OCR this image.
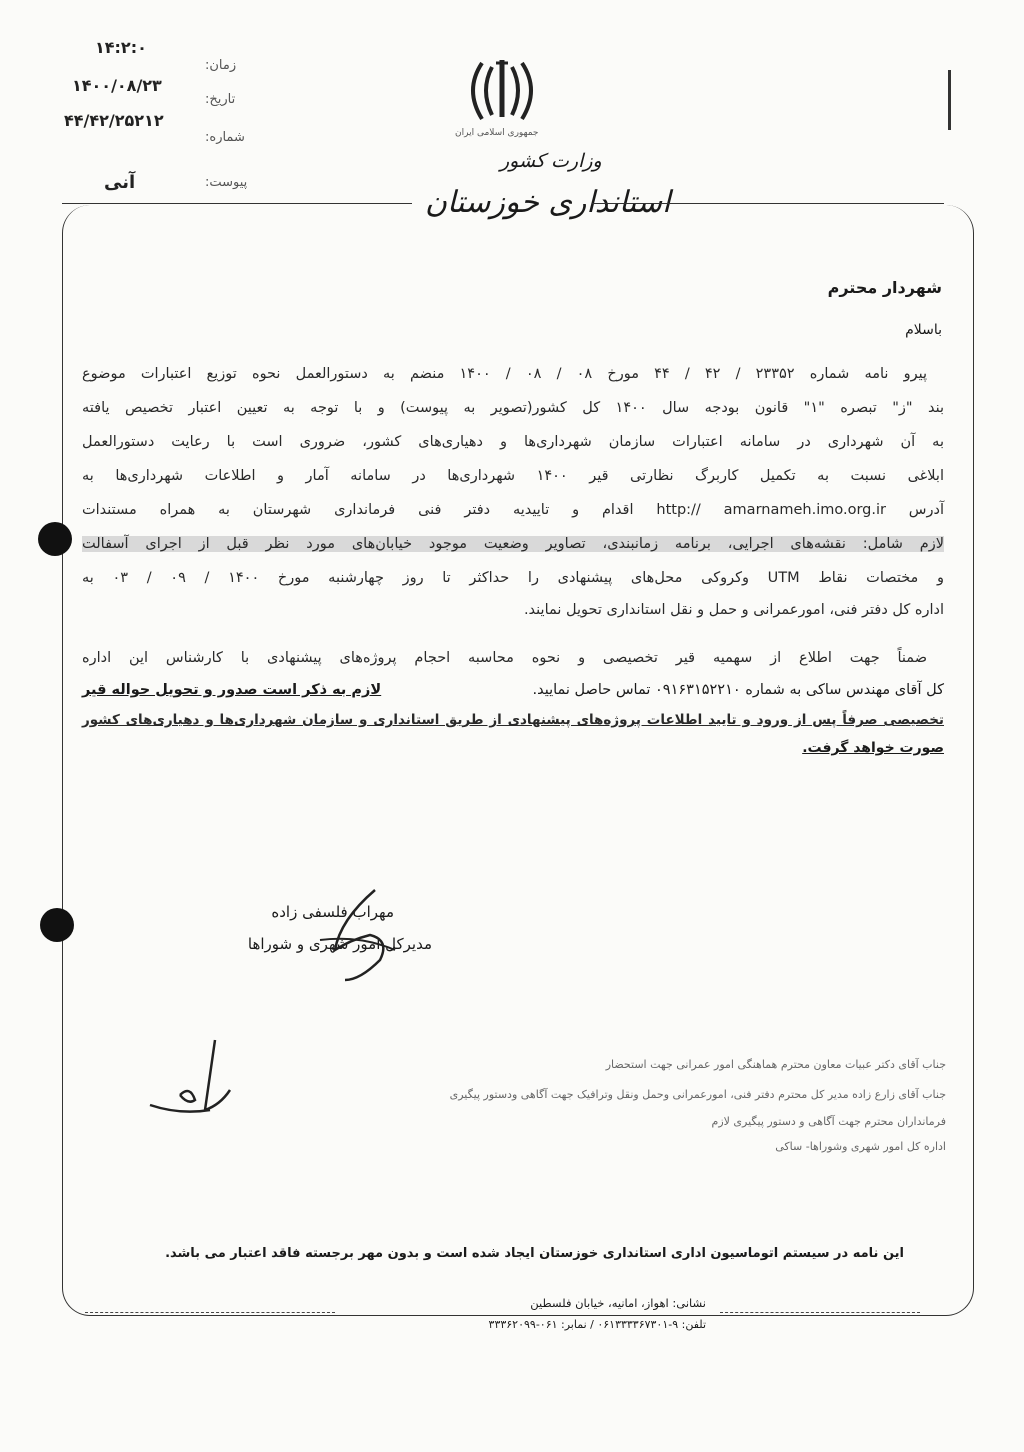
۱۴:۲:۰
زمان:
۱۴۰۰/۰۸/۲۳
تاریخ:
۴۴/۴۲/۲۵۲۱۲
شماره:
پیوست:
آنی
جمهوری اسلامی ایران
وزارت کشور
استانداری خوزستان
شهردار محترم
باسلام
پیرو نامه شماره ۲۳۳۵۲ / ۴۲ / ۴۴ مورخ ۰۸ / ۰۸ / ۱۴۰۰ منضم به دستورالعمل نحوه توزیع اعتبارات موضوع
بند "ز" تبصره "۱" قانون بودجه سال ۱۴۰۰ کل کشور(تصویر به پیوست) و با توجه به تعیین اعتبار تخصیص یافته
به آن شهرداری در سامانه اعتبارات سازمان شهرداری‌ها و دهیاری‌های کشور، ضروری است با رعایت دستورالعمل
ابلاغی نسبت به تکمیل کاربرگ نظارتی قیر ۱۴۰۰ شهرداری‌ها در سامانه آمار و اطلاعات شهرداری‌ها به
آدرس http:// amarnameh.imo.org.ir اقدام و تاییدیه دفتر فنی فرمانداری شهرستان به همراه مستندات
لازم شامل: نقشه‌های اجرایی، برنامه زمانبندی، تصاویر وضعیت موجود خیابان‌های مورد نظر قبل از اجرای آسفالت
و مختصات نقاط UTM وکروکی محل‌های پیشنهادی را حداکثر تا روز چهارشنبه مورخ ۱۴۰۰ / ۰۹ / ۰۳ به
اداره کل دفتر فنی، امورعمرانی و حمل و نقل استانداری تحویل نمایند.
ضمناً جهت اطلاع از سهمیه قیر تخصیصی و نحوه محاسبه احجام پروژه‌های پیشنهادی با کارشناس این اداره
کل آقای مهندس ساکی به شماره ۰۹۱۶۳۱۵۲۲۱۰ تماس حاصل نمایید.
لازم به ذکر است صدور و تحویل حواله قیر
تخصیصی صرفاً پس از ورود و تایید اطلاعات پروژه‌های پیشنهادی از طریق استانداری و سازمان شهرداری‌ها و دهیاری‌های کشور
صورت خواهد گرفت.
مهراب فلسفی زاده
مدیرکل امور شهری و شوراها
جناب آقای دکتر عبیات معاون محترم هماهنگی امور عمرانی جهت استحضار
جناب آقای زارع زاده مدیر کل محترم دفتر فنی، امورعمرانی وحمل ونقل وترافیک جهت آگاهی ودستور پیگیری
فرمانداران محترم جهت آگاهی و دستور پیگیری لازم
اداره کل امور شهری وشوراها- ساکی
این نامه در سیستم اتوماسیون اداری استانداری خوزستان ایجاد شده است و بدون مهر برجسته فاقد اعتبار می باشد.
نشانی: اهواز، امانیه، خیابان فلسطین
تلفن: ۹-۰۶۱۳۳۳۳۶۷۳۰۱ / نمابر: ۰۶۱-۳۳۳۶۲۰۹۹
